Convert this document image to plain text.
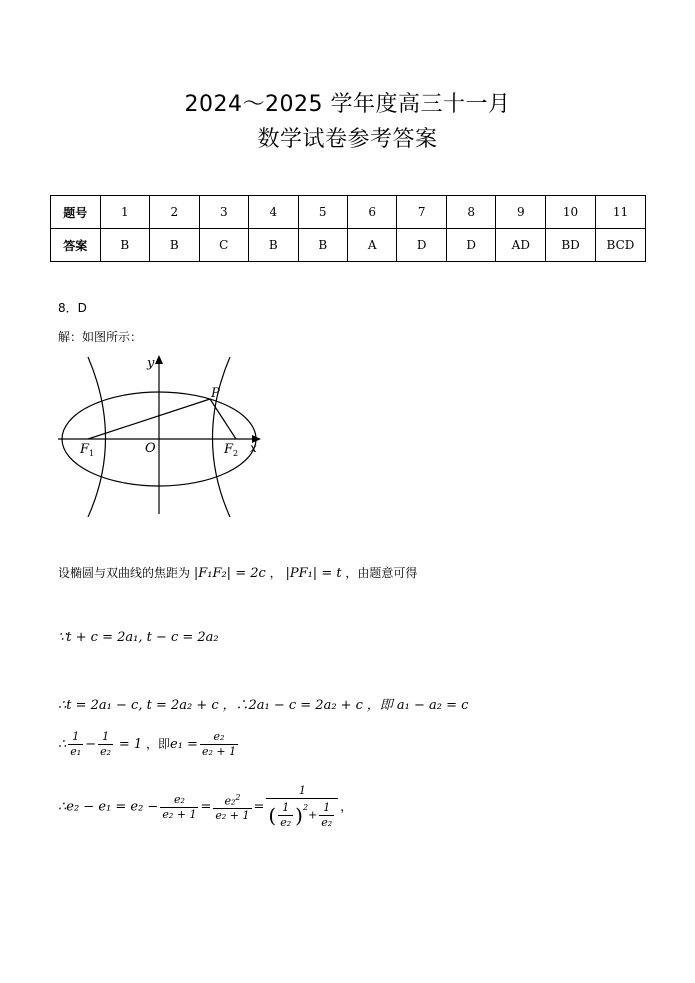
2024～2025 学年度高三十一月
数学试卷参考答案
题号	1	2	3	4	5	6	7	8	9	10	11
答案	B	B	C	B	B	A	D	D	AD	BD	BCD
8．D
解：如图所示：
y
x
P
O
F 1	F 2
设椭圆与双曲线的焦距为 |F₁F₂| = 2c ， |PF₁| = t ，由题意可得
∵t + c = 2a₁, t − c = 2a₂
∴t = 2a₁ − c, t = 2a₂ + c ，∴2a₁ − c = 2a₂ + c ，即 a₁ − a₂ = c
∴ $\frac{1}{\text{e₁}} - \frac{1}{\text{e₂}} = 1$ ，即$e_1 = \frac{\text{e₂}}{\text{e₂ + 1}}$
∴e₂ − $e_1 = e_2 - \frac{\text{e₂}}{\text{e₂ + 1}} = \frac{e_2^2}{\text{e₂ + 1}} = \frac{1}{( \frac{1}{\text{e₂}} )^2+ \frac{1}{\text{e₂}}}$ ，
